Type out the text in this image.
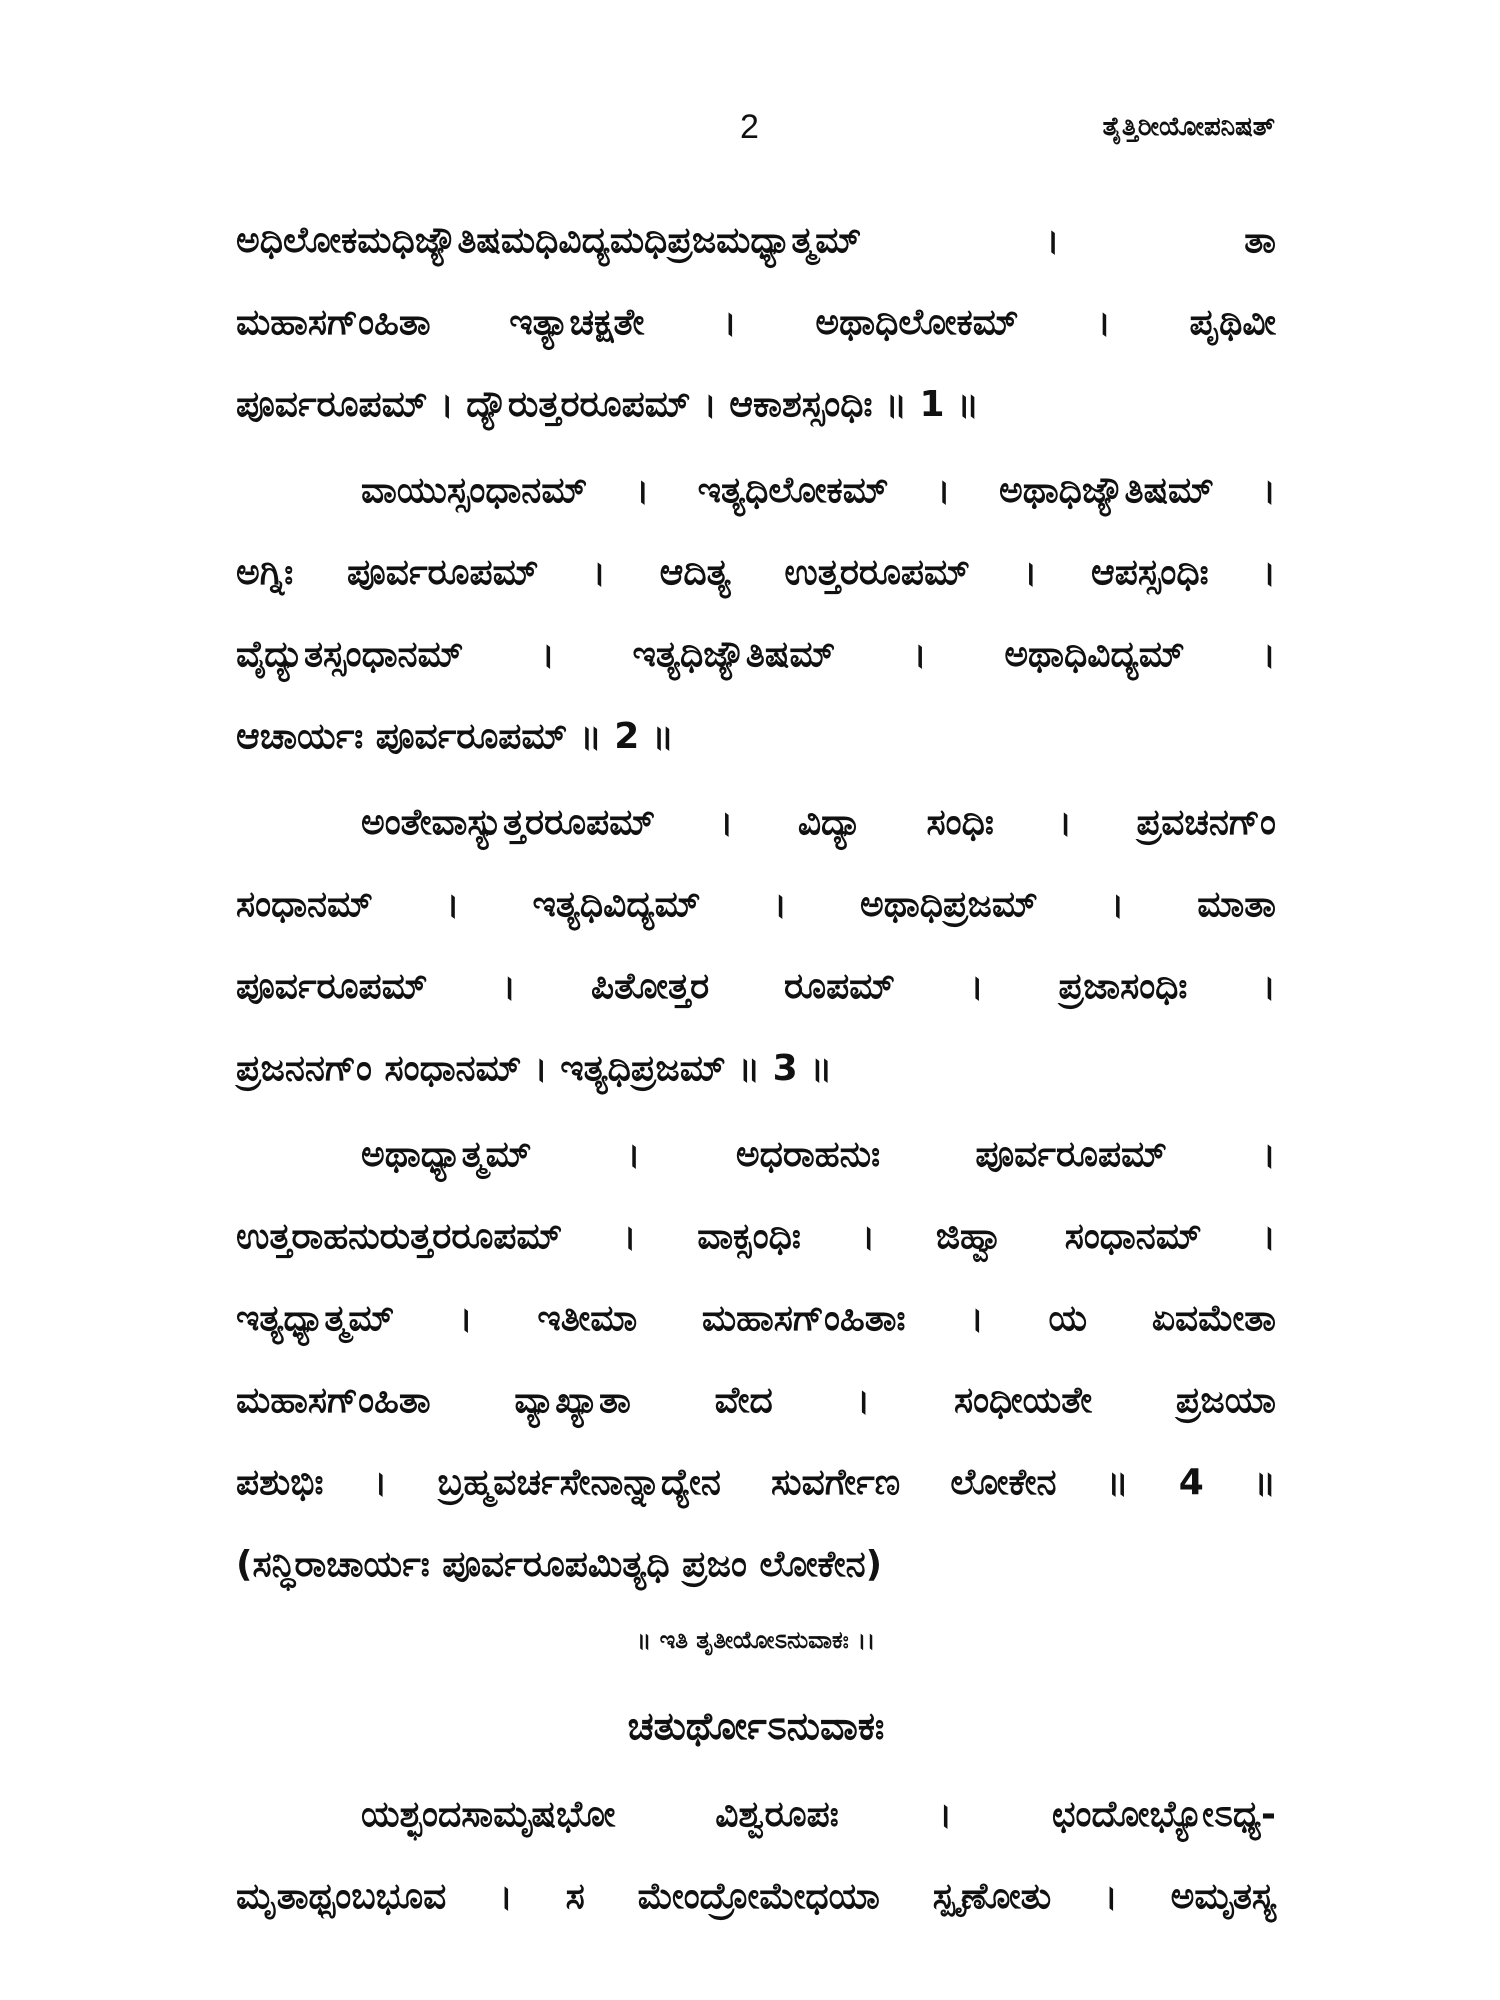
2	ತೈತ್ತಿರೀಯೋಪನಿಷತ್
ಅಧಿಲೋಕಮಧಿಜ್ಯೌತಿಷಮಧಿವಿದ್ಯಮಧಿಪ್ರಜಮಧ್ಯಾತ್ಮಮ್ । ತಾ
ಮಹಾಸಗ್ಂಹಿತಾ ಇತ್ಯಾಚಕ್ಷತೇ । ಅಥಾಧಿಲೋಕಮ್ । ಪೃಥಿವೀ
ಪೂರ್ವರೂಪಮ್ । ದ್ಯೌರುತ್ತರರೂಪಮ್ । ಆಕಾಶಸ್ಸಂಧಿಃ ॥ 1 ॥
ವಾಯುಸ್ಸಂಧಾನಮ್ । ಇತ್ಯಧಿಲೋಕಮ್ । ಅಥಾಧಿಜ್ಯೌತಿಷಮ್ ।
ಅಗ್ನಿಃ ಪೂರ್ವರೂಪಮ್ । ಆದಿತ್ಯ ಉತ್ತರರೂಪಮ್ । ಆಪಸ್ಸಂಧಿಃ ।
ವೈದ್ಯುತಸ್ಸಂಧಾನಮ್ । ಇತ್ಯಧಿಜ್ಯೌತಿಷಮ್ । ಅಥಾಧಿವಿದ್ಯಮ್ ।
ಆಚಾರ್ಯಃ ಪೂರ್ವರೂಪಮ್ ॥ 2 ॥
ಅಂತೇವಾಸ್ಯುತ್ತರರೂಪಮ್ । ವಿದ್ಯಾ ಸಂಧಿಃ । ಪ್ರವಚನಗ್ಂ
ಸಂಧಾನಮ್ । ಇತ್ಯಧಿವಿದ್ಯಮ್ । ಅಥಾಧಿಪ್ರಜಮ್ । ಮಾತಾ
ಪೂರ್ವರೂಪಮ್ । ಪಿತೋತ್ತರ ರೂಪಮ್ । ಪ್ರಜಾಸಂಧಿಃ ।
ಪ್ರಜನನಗ್ಂ ಸಂಧಾನಮ್ । ಇತ್ಯಧಿಪ್ರಜಮ್ ॥ 3 ॥
ಅಥಾಧ್ಯಾತ್ಮಮ್ । ಅಧರಾಹನುಃ ಪೂರ್ವರೂಪಮ್ ।
ಉತ್ತರಾಹನುರುತ್ತರರೂಪಮ್ । ವಾಕ್ಸಂಧಿಃ । ಜಿಹ್ವಾ ಸಂಧಾನಮ್ ।
ಇತ್ಯಧ್ಯಾತ್ಮಮ್ । ಇತೀಮಾ ಮಹಾಸಗ್ಂಹಿತಾಃ । ಯ ಏವಮೇತಾ
ಮಹಾಸಗ್ಂಹಿತಾ ವ್ಯಾಖ್ಯಾತಾ ವೇದ । ಸಂಧೀಯತೇ ಪ್ರಜಯಾ
ಪಶುಭಿಃ । ಬ್ರಹ್ಮವರ್ಚಸೇನಾನ್ನಾದ್ಯೇನ ಸುವರ್ಗೇಣ ಲೋಕೇನ ॥ 4 ॥
(ಸನ್ಧಿರಾಚಾರ್ಯಃ ಪೂರ್ವರೂಪಮಿತ್ಯಧಿ ಪ್ರಜಂ ಲೋಕೇನ)
॥ ಇತಿ ತೃತೀಯೋಽನುವಾಕಃ ।।
ಚತುರ್ಥೋಽನುವಾಕಃ
ಯಶ್ಛಂದಸಾಮೃಷಭೋ ವಿಶ್ವರೂಪಃ । ಛಂದೋಭ್ಯೋಽಧ್ಯ-
ಮೃತಾಥ್ಸಂಬಭೂವ । ಸ ಮೇಂದ್ರೋಮೇಧಯಾ ಸ್ಪೃಣೋತು । ಅಮೃತಸ್ಯ
